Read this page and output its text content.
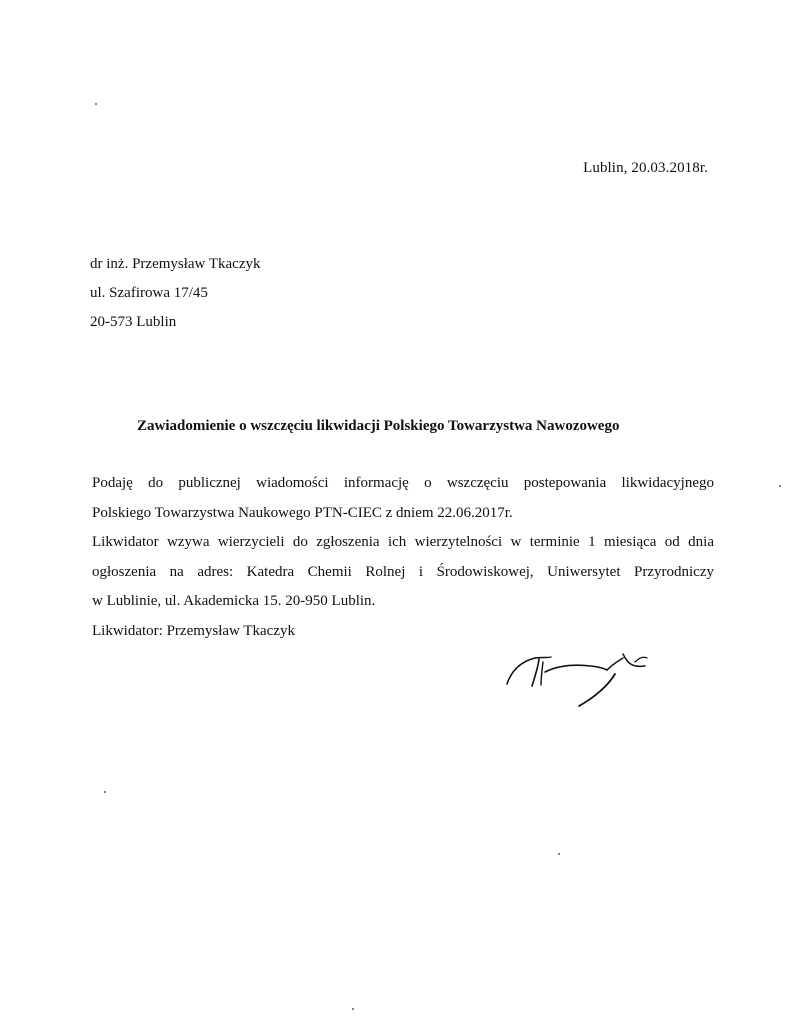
Lublin, 20.03.2018r.
dr inż. Przemysław Tkaczyk
ul. Szafirowa 17/45
20-573 Lublin
Zawiadomienie o wszczęciu likwidacji Polskiego Towarzystwa Nawozowego
Podaję do publicznej wiadomości informację o wszczęciu postepowania likwidacyjnego
Polskiego Towarzystwa Naukowego PTN-CIEC z dniem 22.06.2017r.
Likwidator wzywa wierzycieli do zgłoszenia ich wierzytelności w terminie 1 miesiąca od dnia
ogłoszenia na adres: Katedra Chemii Rolnej i Środowiskowej, Uniwersytet Przyrodniczy
w Lublinie, ul. Akademicka 15. 20-950 Lublin.
Likwidator: Przemysław Tkaczyk
